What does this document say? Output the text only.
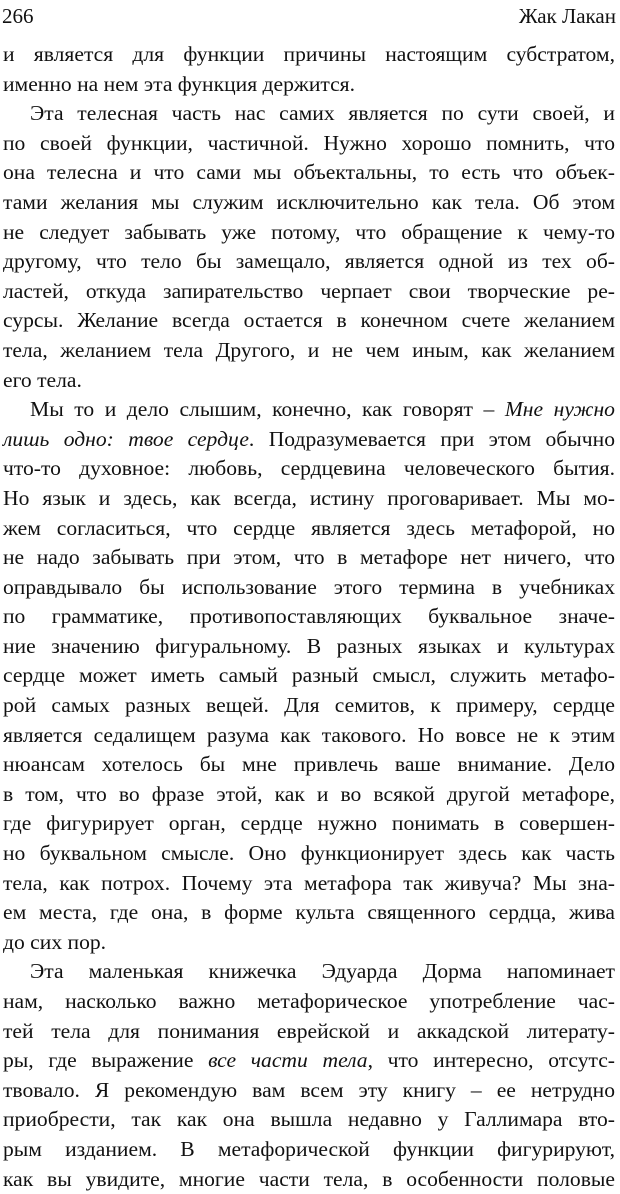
266	Жак Лакан
и является для функции причины настоящим субстратом,
именно на нем эта функция держится.
Эта телесная часть нас самих является по сути своей, и
по своей функции, частичной. Нужно хорошо помнить, что
она телесна и что сами мы объектальны, то есть что объек-
тами желания мы служим исключительно как тела. Об этом
не следует забывать уже потому, что обращение к чему-то
другому, что тело бы замещало, является одной из тех об-
ластей, откуда запирательство черпает свои творческие ре-
сурсы. Желание всегда остается в конечном счете желанием
тела, желанием тела Другого, и не чем иным, как желанием
его тела.
Мы то и дело слышим, конечно, как говорят – Мне нужно
лишь одно: твое сердце. Подразумевается при этом обычно
что-то духовное: любовь, сердцевина человеческого бытия.
Но язык и здесь, как всегда, истину проговаривает. Мы мо-
жем согласиться, что сердце является здесь метафорой, но
не надо забывать при этом, что в метафоре нет ничего, что
оправдывало бы использование этого термина в учебниках
по грамматике, противопоставляющих буквальное значе-
ние значению фигуральному. В разных языках и культурах
сердце может иметь самый разный смысл, служить метафо-
рой самых разных вещей. Для семитов, к примеру, сердце
является седалищем разума как такового. Но вовсе не к этим
нюансам хотелось бы мне привлечь ваше внимание. Дело
в том, что во фразе этой, как и во всякой другой метафоре,
где фигурирует орган, сердце нужно понимать в совершен-
но буквальном смысле. Оно функционирует здесь как часть
тела, как потрох. Почему эта метафора так живуча? Мы зна-
ем места, где она, в форме культа священного сердца, жива
до сих пор.
Эта маленькая книжечка Эдуарда Дорма напоминает
нам, насколько важно метафорическое употребление час-
тей тела для понимания еврейской и аккадской литерату-
ры, где выражение все части тела, что интересно, отсутс-
твовало. Я рекомендую вам всем эту книгу – ее нетрудно
приобрести, так как она вышла недавно у Галлимара вто-
рым изданием. В метафорической функции фигурируют,
как вы увидите, многие части тела, в особенности половые
